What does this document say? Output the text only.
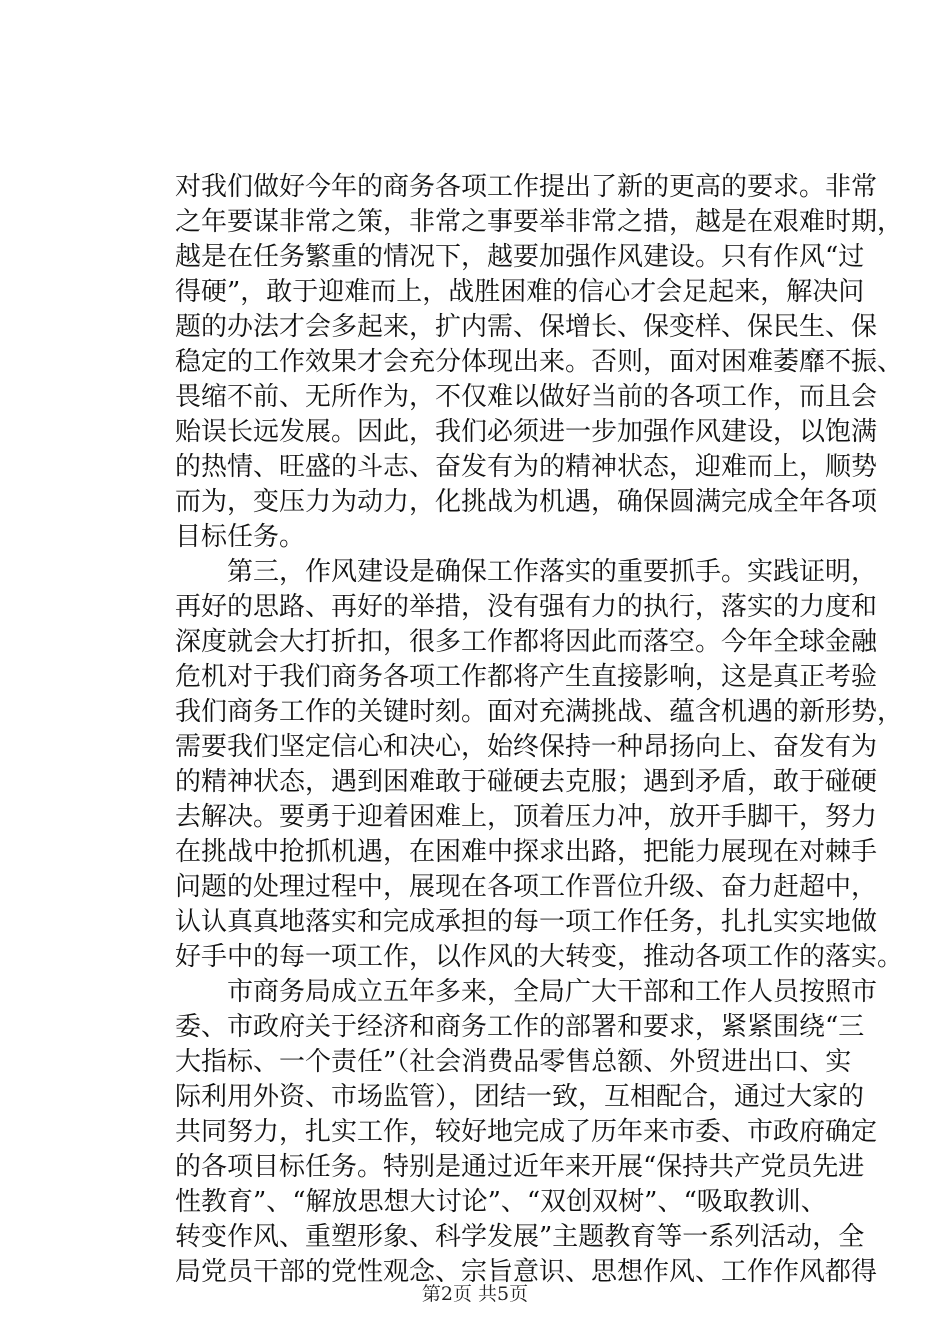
对我们做好今年的商务各项工作提出了新的更高的要求。非常
之年要谋非常之策，非常之事要举非常之措，越是在艰难时期，
越是在任务繁重的情况下，越要加强作风建设。只有作风“过
得硬”，敢于迎难而上，战胜困难的信心才会足起来，解决问
题的办法才会多起来，扩内需、保增长、保变样、保民生、保
稳定的工作效果才会充分体现出来。否则，面对困难萎靡不振、
畏缩不前、无所作为，不仅难以做好当前的各项工作，而且会
贻误长远发展。因此，我们必须进一步加强作风建设，以饱满
的热情、旺盛的斗志、奋发有为的精神状态，迎难而上，顺势
而为，变压力为动力，化挑战为机遇，确保圆满完成全年各项
目标任务。
　　第三，作风建设是确保工作落实的重要抓手。实践证明，
再好的思路、再好的举措，没有强有力的执行，落实的力度和
深度就会大打折扣，很多工作都将因此而落空。今年全球金融
危机对于我们商务各项工作都将产生直接影响，这是真正考验
我们商务工作的关键时刻。面对充满挑战、蕴含机遇的新形势，
需要我们坚定信心和决心，始终保持一种昂扬向上、奋发有为
的精神状态，遇到困难敢于碰硬去克服；遇到矛盾，敢于碰硬
去解决。要勇于迎着困难上，顶着压力冲，放开手脚干，努力
在挑战中抢抓机遇，在困难中探求出路，把能力展现在对棘手
问题的处理过程中，展现在各项工作晋位升级、奋力赶超中，
认认真真地落实和完成承担的每一项工作任务，扎扎实实地做
好手中的每一项工作，以作风的大转变，推动各项工作的落实。
　　市商务局成立五年多来，全局广大干部和工作人员按照市
委、市政府关于经济和商务工作的部署和要求，紧紧围绕“三
大指标、一个责任”（社会消费品零售总额、外贸进出口、实
际利用外资、市场监管），团结一致，互相配合，通过大家的
共同努力，扎实工作，较好地完成了历年来市委、市政府确定
的各项目标任务。特别是通过近年来开展“保持共产党员先进
性教育”、“解放思想大讨论”、“双创双树”、“吸取教训、
转变作风、重塑形象、科学发展”主题教育等一系列活动，全
局党员干部的党性观念、宗旨意识、思想作风、工作作风都得
第2页 共5页
